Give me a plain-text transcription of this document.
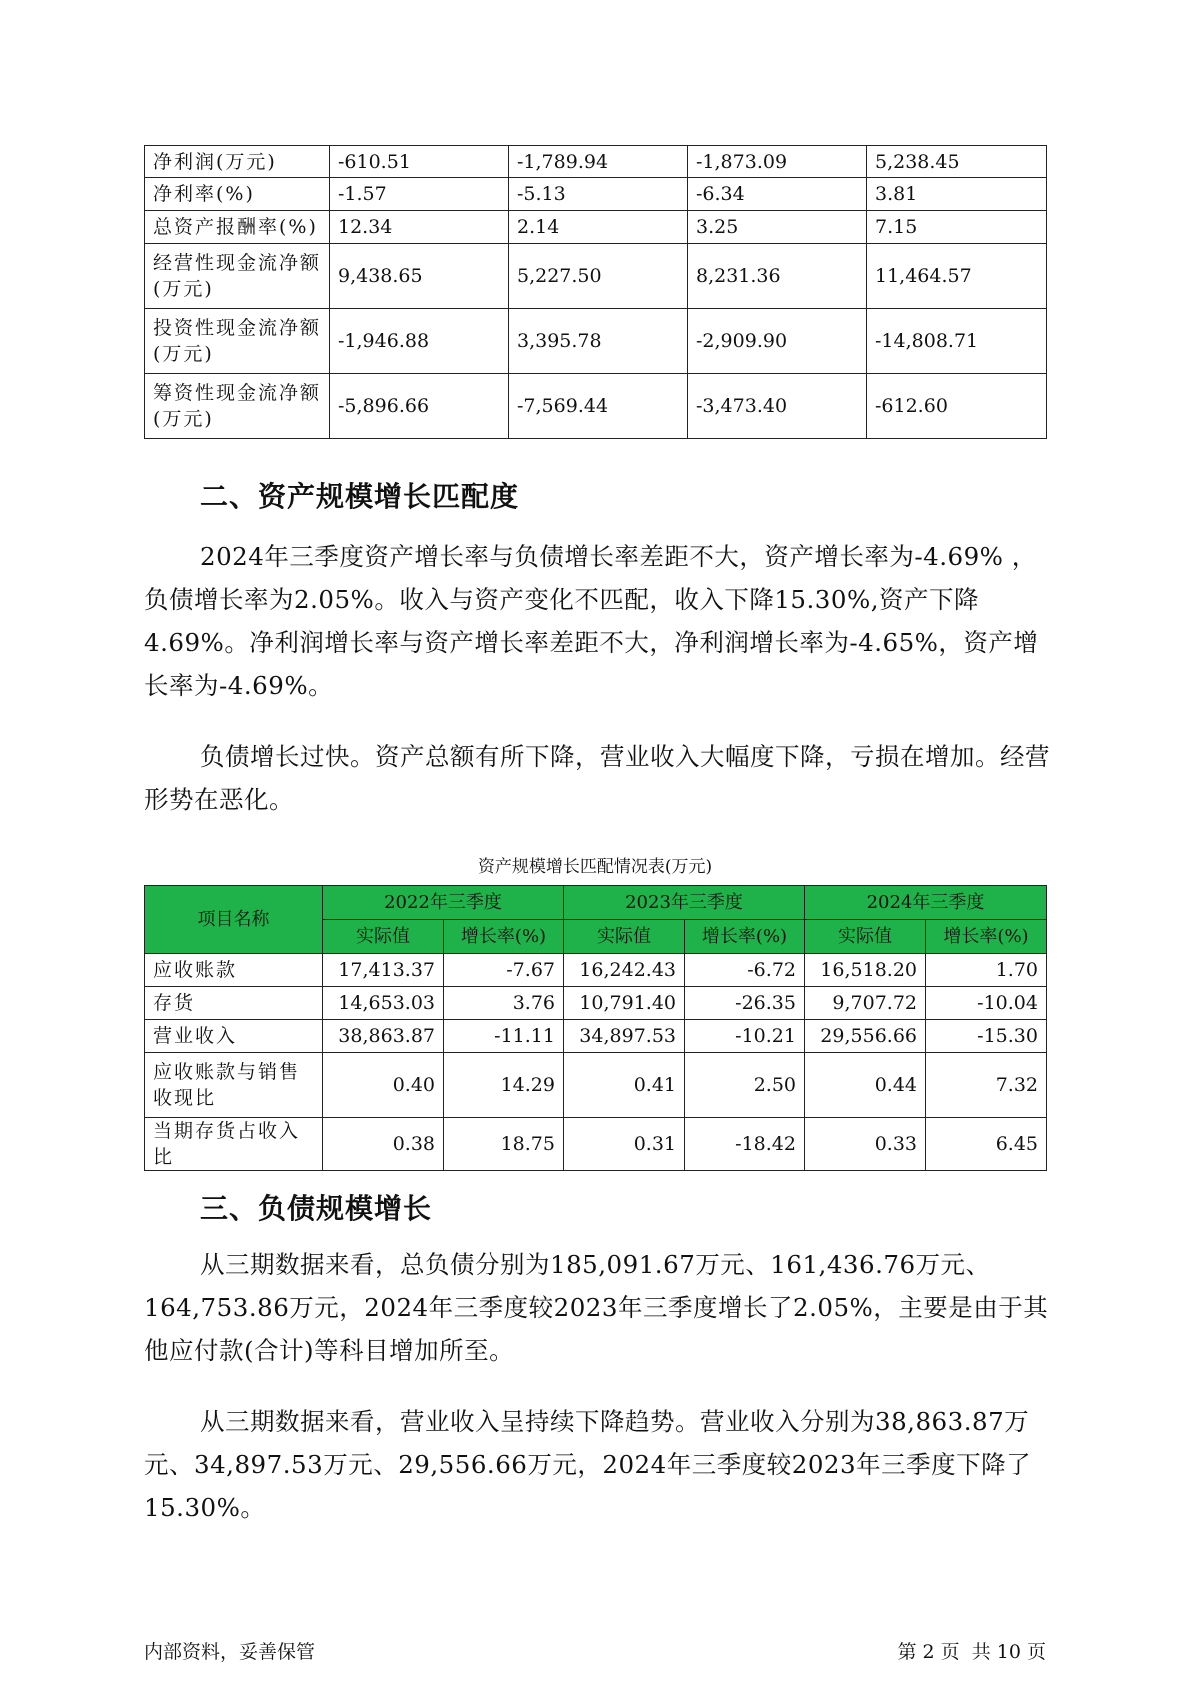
净利润(万元)	-610.51	-1,789.94	-1,873.09	5,238.45
净利率(%)	-1.57	-5.13	-6.34	3.81
总资产报酬率(%)	12.34	2.14	3.25	7.15
经营性现金流净额(万元)	9,438.65	5,227.50	8,231.36	11,464.57
投资性现金流净额(万元)	-1,946.88	3,395.78	-2,909.90	-14,808.71
筹资性现金流净额(万元)	-5,896.66	-7,569.44	-3,473.40	-612.60
二、资产规模增长匹配度

2024年三季度资产增长率与负债增长率差距不大，资产增长率为-4.69% ，负债增长率为2.05%。收入与资产变化不匹配，收入下降15.30%,资产下降4.69%。净利润增长率与资产增长率差距不大，净利润增长率为-4.65%，资产增长率为-4.69%。

负债增长过快。资产总额有所下降，营业收入大幅度下降，亏损在增加。经营形势在恶化。

资产规模增长匹配情况表(万元)
项目名称	2022年三季度		2023年三季度		2024年三季度	
	实际值	增长率(%)	实际值	增长率(%)	实际值	增长率(%)
应收账款	17,413.37	-7.67	16,242.43	-6.72	16,518.20	1.70
存货	14,653.03	3.76	10,791.40	-26.35	9,707.72	-10.04
营业收入	38,863.87	-11.11	34,897.53	-10.21	29,556.66	-15.30
应收账款与销售收现比	0.40	14.29	0.41	2.50	0.44	7.32
当期存货占收入比	0.38	18.75	0.31	-18.42	0.33	6.45
三、负债规模增长

从三期数据来看，总负债分别为185,091.67万元、161,436.76万元、164,753.86万元，2024年三季度较2023年三季度增长了2.05%，主要是由于其他应付款(合计)等科目增加所至。

从三期数据来看，营业收入呈持续下降趋势。营业收入分别为38,863.87万元、34,897.53万元、29,556.66万元，2024年三季度较2023年三季度下降了15.30%。

内部资料，妥善保管	第 2 页  共 10 页
